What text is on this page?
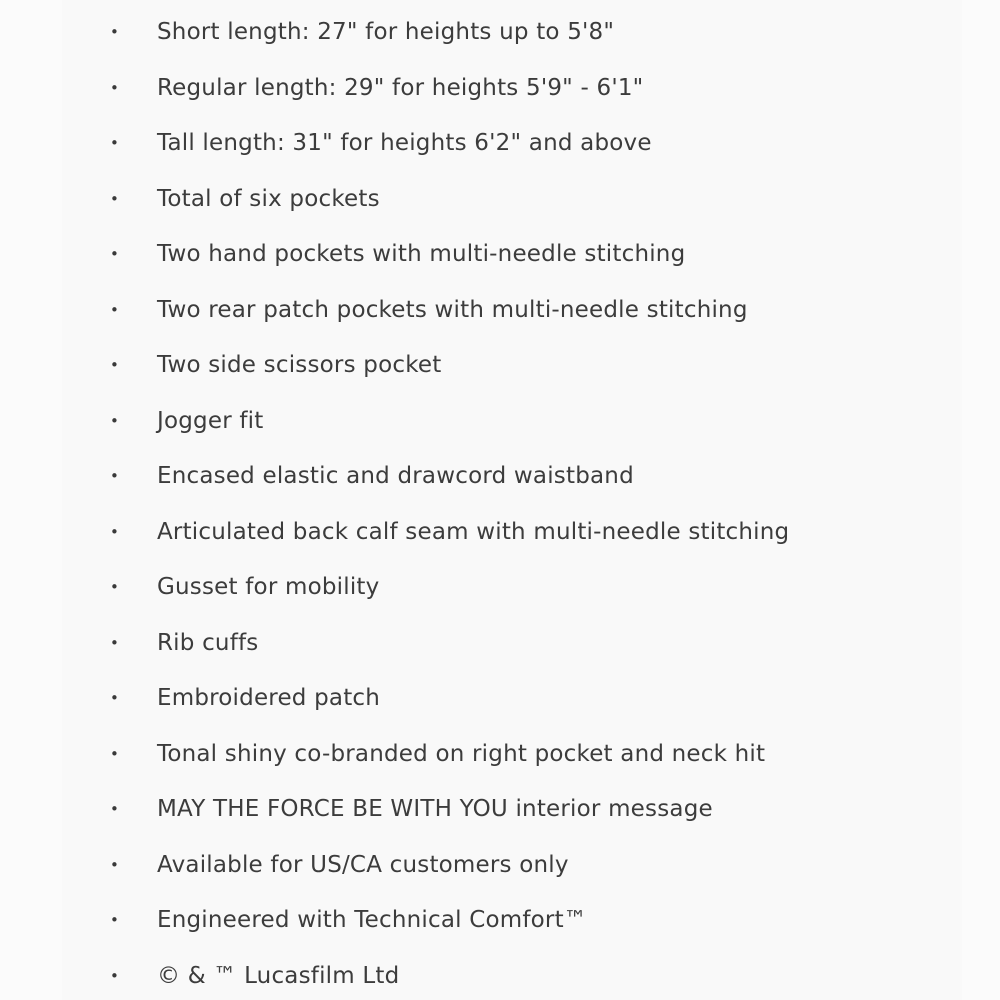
• Short length: 27" for heights up to 5'8"
• Regular length: 29" for heights 5'9" - 6'1"
• Tall length: 31" for heights 6'2" and above
• Total of six pockets
• Two hand pockets with multi-needle stitching
• Two rear patch pockets with multi-needle stitching
• Two side scissors pocket
• Jogger fit
• Encased elastic and drawcord waistband
• Articulated back calf seam with multi-needle stitching
• Gusset for mobility
• Rib cuffs
• Embroidered patch
• Tonal shiny co-branded on right pocket and neck hit
• MAY THE FORCE BE WITH YOU interior message
• Available for US/CA customers only
• Engineered with Technical Comfort™
• © & ™ Lucasfilm Ltd
